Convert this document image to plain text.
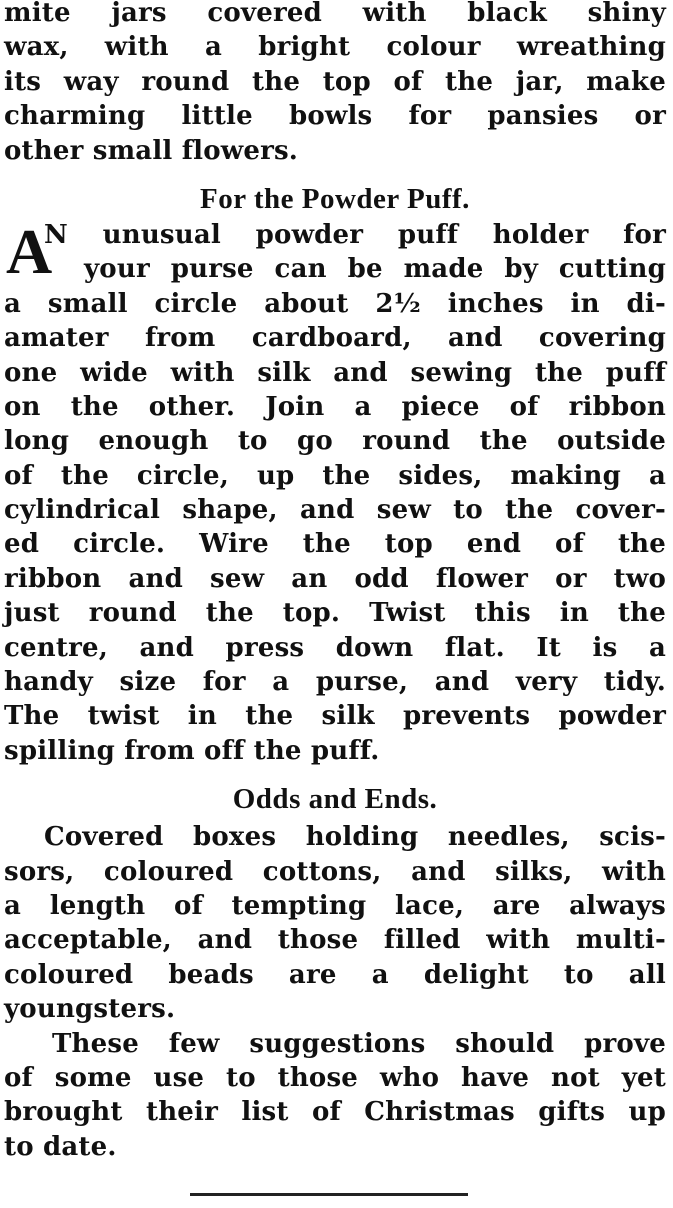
mite jars covered with black shiny
wax, with a bright colour wreathing
its way round the top of the jar, make
charming little bowls for pansies or
other small flowers.
For the Powder Puff.
A
N unusual powder puff holder for
your purse can be made by cutting
a small circle about 2½ inches in di-
amater from cardboard, and covering
one wide with silk and sewing the puff
on the other. Join a piece of ribbon
long enough to go round the outside
of the circle, up the sides, making a
cylindrical shape, and sew to the cover-
ed circle. Wire the top end of the
ribbon and sew an odd flower or two
just round the top. Twist this in the
centre, and press down flat. It is a
handy size for a purse, and very tidy.
The twist in the silk prevents powder
spilling from off the puff.
Odds and Ends.
Covered boxes holding needles, scis-
sors, coloured cottons, and silks, with
a length of tempting lace, are always
acceptable, and those filled with multi-
coloured beads are a delight to all
youngsters.
These few suggestions should prove
of some use to those who have not yet
brought their list of Christmas gifts up
to date.
